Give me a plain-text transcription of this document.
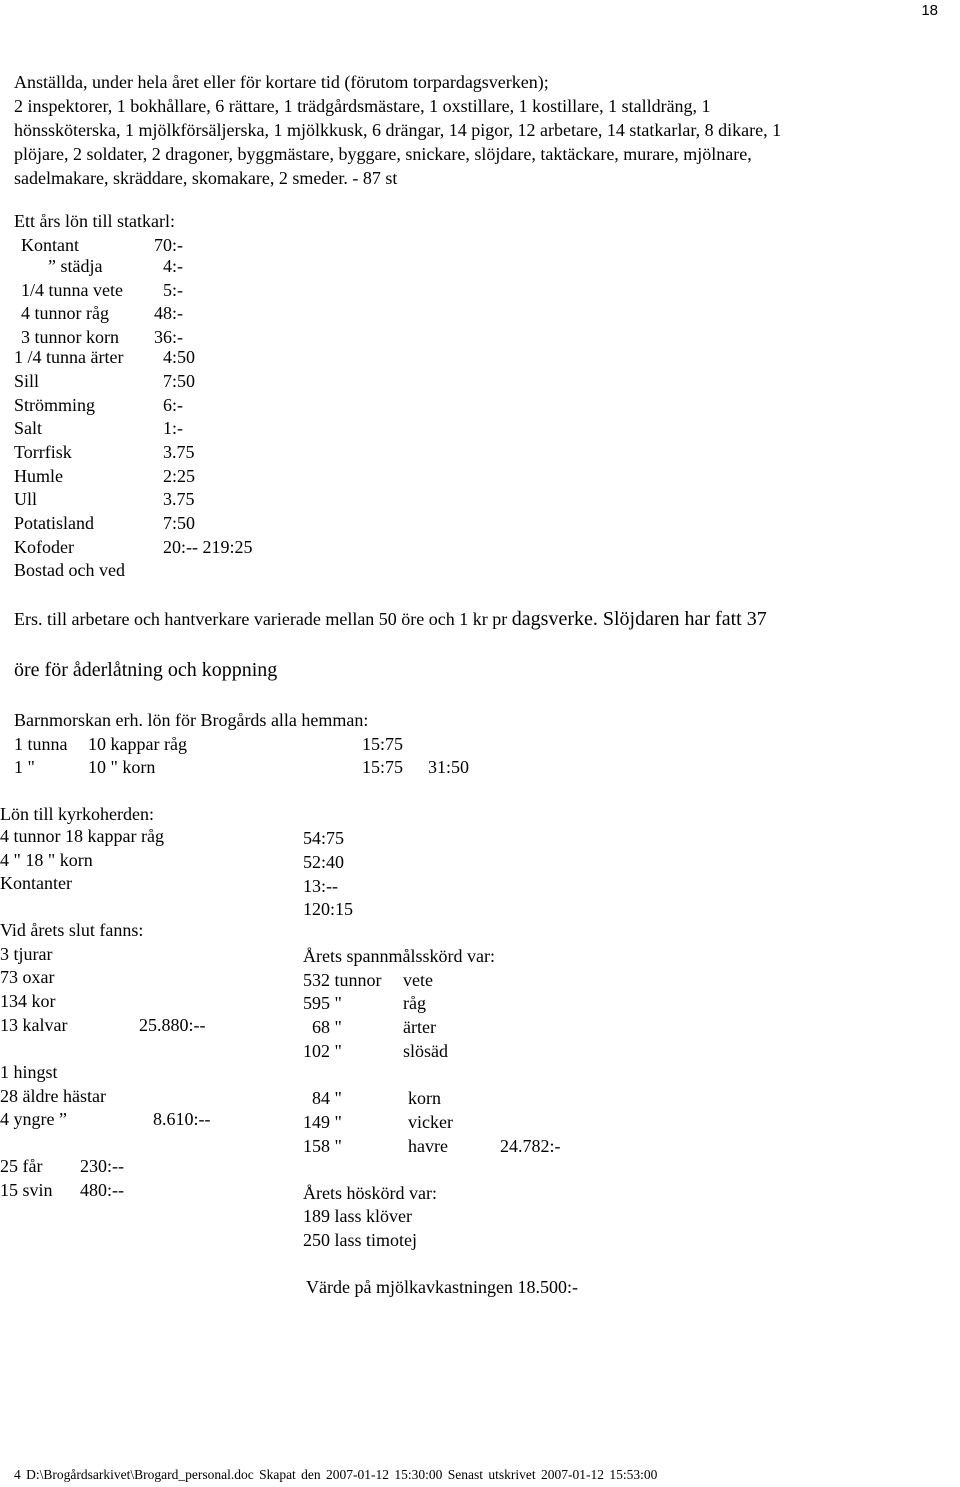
18
Anställda, under hela året eller för kortare tid (förutom torpardagsverken);
2 inspektorer, 1 bokhållare, 6 rättare, 1 trädgårdsmästare, 1 oxstillare, 1 kostillare, 1 stalldräng, 1
hönssköterska, 1 mjölkförsäljerska, 1 mjölkkusk, 6 drängar, 14 pigor, 12 arbetare, 14 statkarlar, 8 dikare, 1
plöjare, 2 soldater, 2 dragoner, byggmästare, byggare, snickare, slöjdare, taktäckare, murare, mjölnare,
sadelmakare, skräddare, skomakare, 2 smeder. - 87 st
Ett års lön till statkarl:
Kontant	70:-
” städja	4:-
1/4 tunna vete 5:-
4 tunnor råg	48:-
3 tunnor korn 36:-
1 /4 tunna ärter 4:50
Sill	7:50
Strömming	6:-
Salt	1:-
Torrfisk	3.75
Humle	2:25
Ull	3.75
Potatisland	7:50
Kofoder	20:-- 219:25
Bostad och ved
Ers. till arbetare och hantverkare varierade mellan 50 öre och 1 kr pr dagsverke. Slöjdaren har fatt 37
öre för åderlåtning och koppning
Barnmorskan erh. lön för Brogårds alla hemman:
1 tunna 10 kappar råg	15:75
1 "	10 " korn	15:75 31:50
Lön till kyrkoherden:
4 tunnor 18 kappar råg	54:75
4 " 18 " korn	52:40
Kontanter	13:--
120:15
Vid årets slut fanns:
3 tjurar
73 oxar
134 kor
13 kalvar	25.880:--
1 hingst
28 äldre hästar
4 yngre ”	8.610:--
25 får 230:--
15 svin 480:--
Årets spannmålsskörd var:
532 tunnor vete
595 "	råg
68 "	ärter
102 "	slösäd
84 "	korn
149 "	vicker
158 "	havre	24.782:-
Årets höskörd var:
189 lass klöver
250 lass timotej
Värde på mjölkavkastningen 18.500:-
4 D:\Brogårdsarkivet\Brogard_personal.doc Skapat den 2007-01-12 15:30:00 Senast utskrivet 2007-01-12 15:53:00
